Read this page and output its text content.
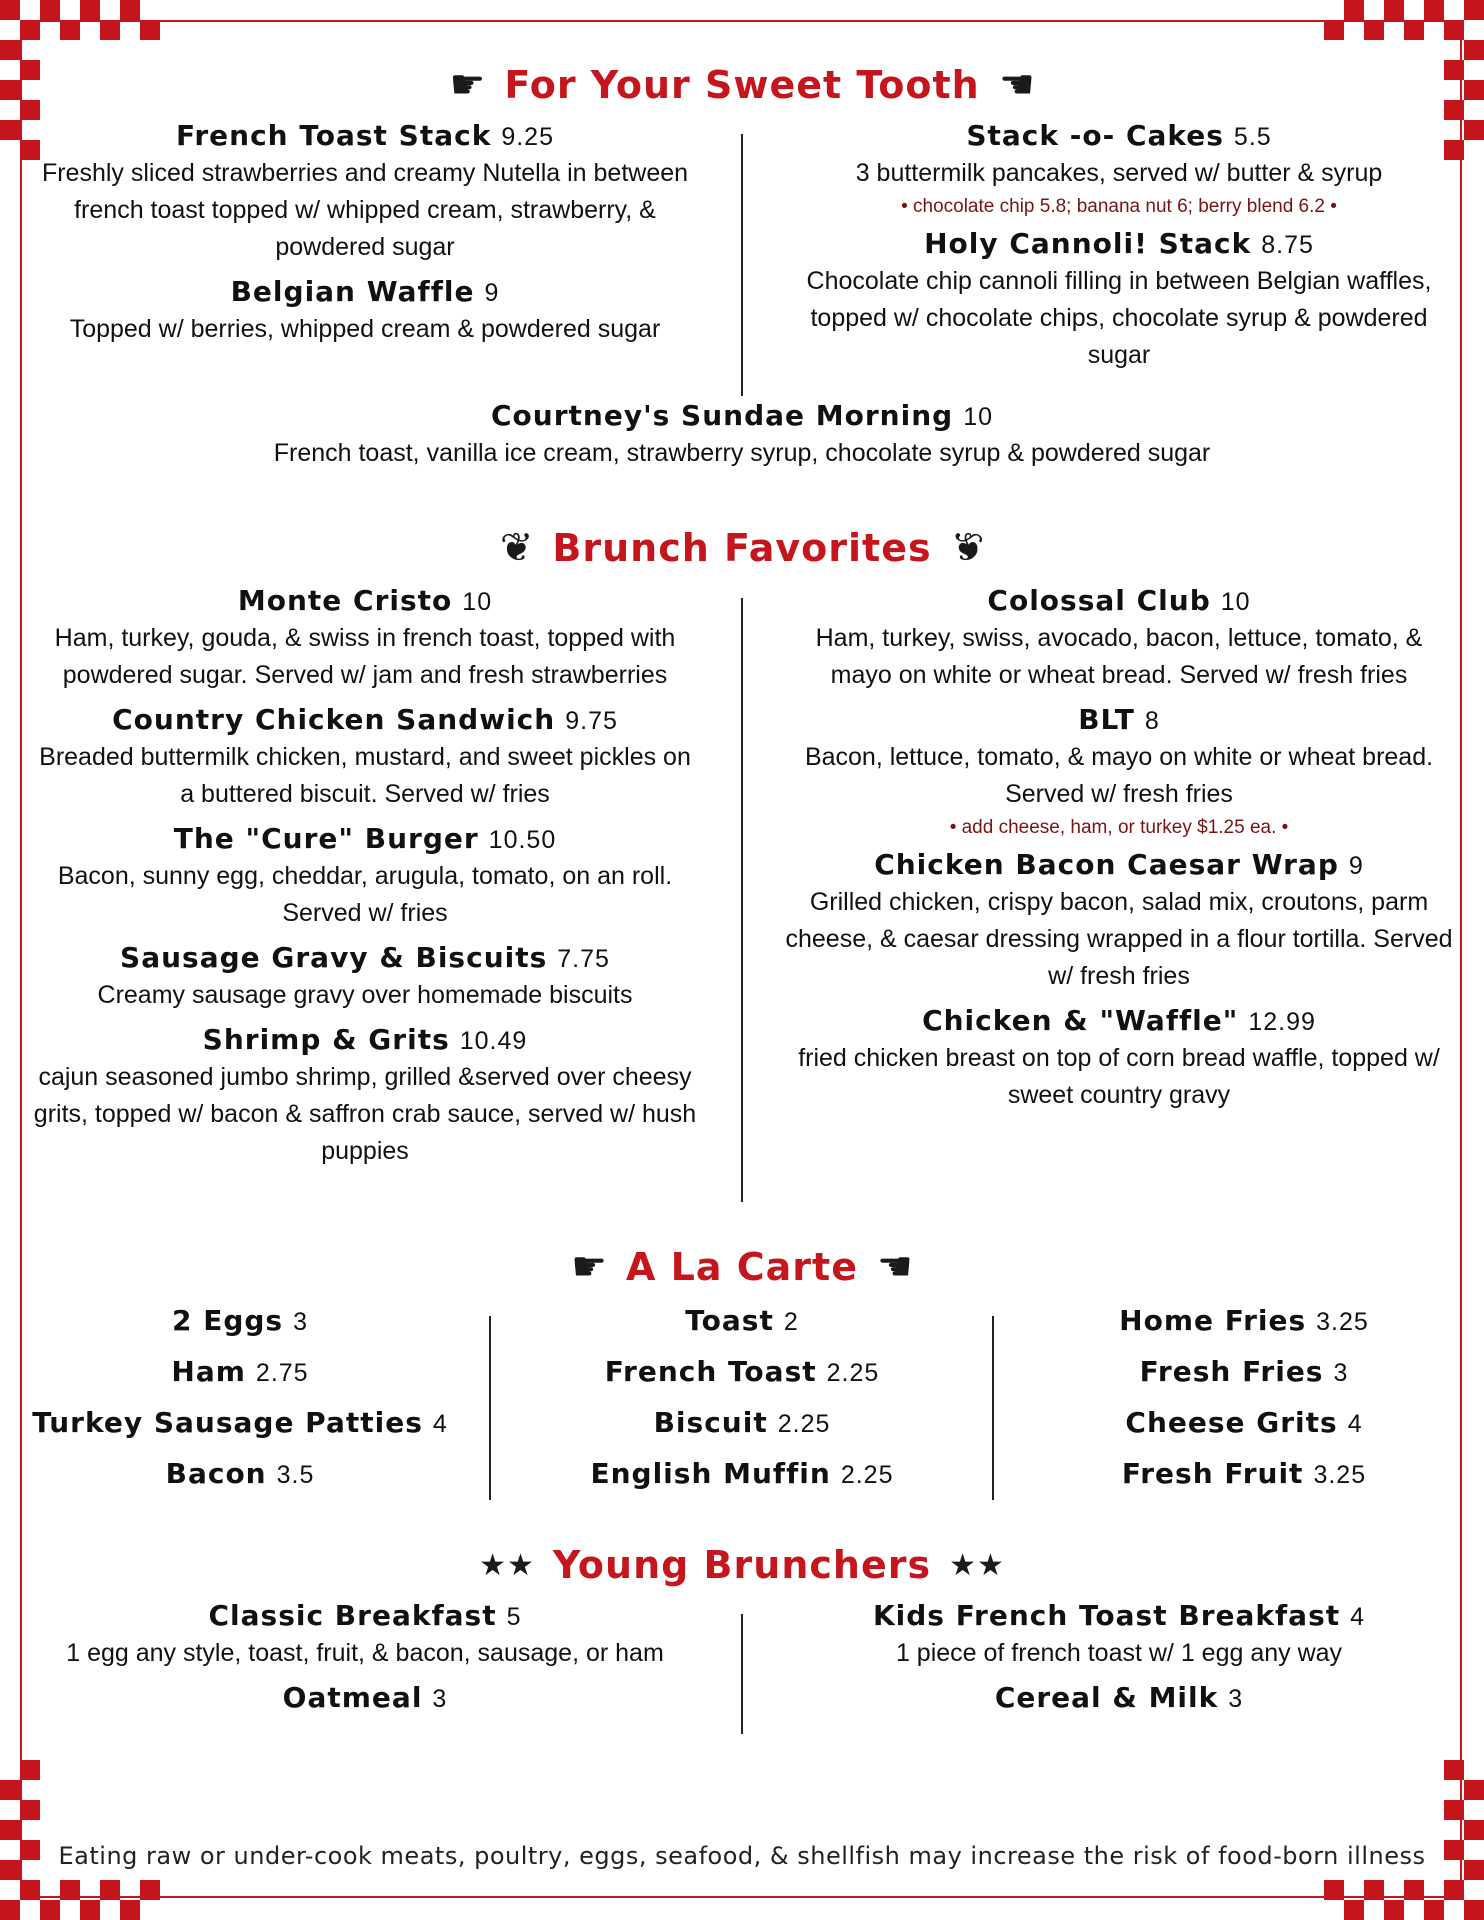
☛ For Your Sweet Tooth ☛
French Toast Stack 9.25
Freshly sliced strawberries and creamy Nutella in between french toast topped w/ whipped cream, strawberry, & powdered sugar
Belgian Waffle 9
Topped w/ berries, whipped cream & powdered sugar
Stack -o- Cakes 5.5
3 buttermilk pancakes, served w/ butter & syrup
• chocolate chip 5.8; banana nut 6; berry blend 6.2 •
Holy Cannoli! Stack 8.75
Chocolate chip cannoli filling in between Belgian waffles, topped w/ chocolate chips, chocolate syrup & powdered sugar
Courtney's Sundae Morning 10
French toast, vanilla ice cream, strawberry syrup, chocolate syrup & powdered sugar
❦ Brunch Favorites ❦
Monte Cristo 10
Ham, turkey, gouda, & swiss in french toast, topped with powdered sugar. Served w/ jam and fresh strawberries
Country Chicken Sandwich 9.75
Breaded buttermilk chicken, mustard, and sweet pickles on a buttered biscuit. Served w/ fries
The "Cure" Burger 10.50
Bacon, sunny egg, cheddar, arugula, tomato, on an roll. Served w/ fries
Sausage Gravy & Biscuits 7.75
Creamy sausage gravy over homemade biscuits
Shrimp & Grits 10.49
cajun seasoned jumbo shrimp, grilled &served over cheesy grits, topped w/ bacon & saffron crab sauce, served w/ hush puppies
Colossal Club 10
Ham, turkey, swiss, avocado, bacon, lettuce, tomato, & mayo on white or wheat bread. Served w/ fresh fries
BLT 8
Bacon, lettuce, tomato, & mayo on white or wheat bread. Served w/ fresh fries
• add cheese, ham, or turkey $1.25 ea. •
Chicken Bacon Caesar Wrap 9
Grilled chicken, crispy bacon, salad mix, croutons, parm cheese, & caesar dressing wrapped in a flour tortilla. Served w/ fresh fries
Chicken & "Waffle" 12.99
fried chicken breast on top of corn bread waffle, topped w/ sweet country gravy
☛ A La Carte ☛
2 Eggs 3
Ham 2.75
Turkey Sausage Patties 4
Bacon 3.5
Toast 2
French Toast 2.25
Biscuit 2.25
English Muffin 2.25
Home Fries 3.25
Fresh Fries 3
Cheese Grits 4
Fresh Fruit 3.25
★★ Young Brunchers ★★
Classic Breakfast 5
1 egg any style, toast, fruit, & bacon, sausage, or ham
Oatmeal 3
Kids French Toast Breakfast 4
1 piece of french toast w/ 1 egg any way
Cereal & Milk 3
Eating raw or under-cook meats, poultry, eggs, seafood, & shellfish may increase the risk of food-born illness
